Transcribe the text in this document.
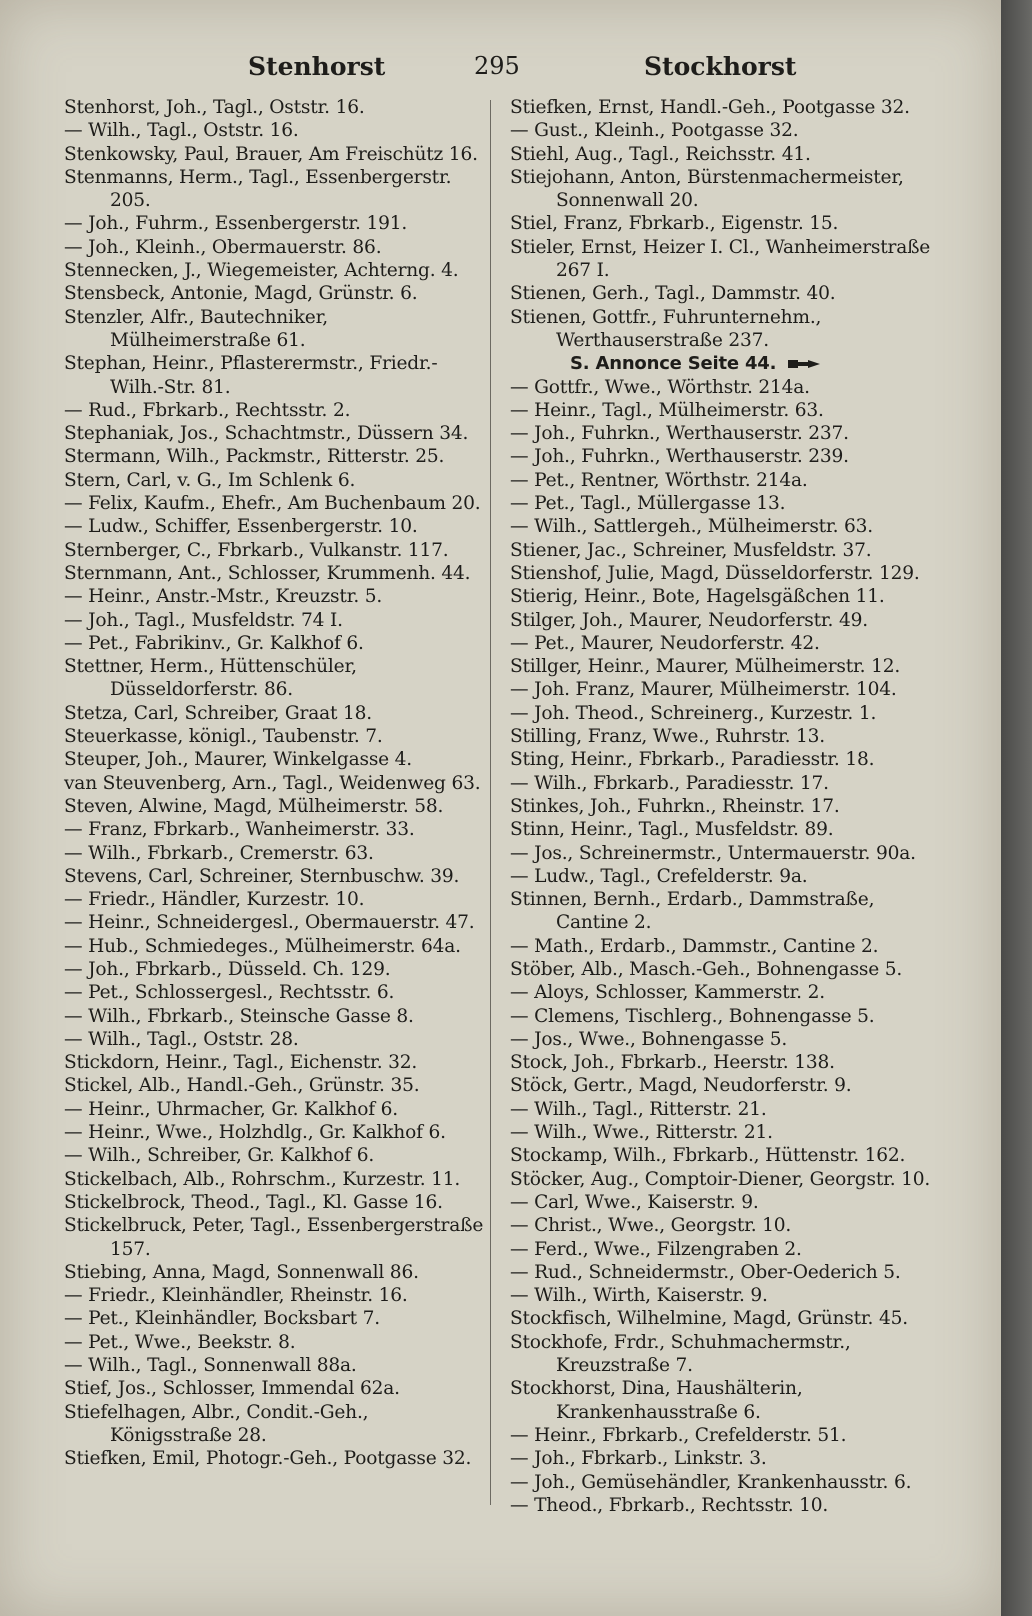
Stenhorst	295	Stockhorst
Stenhorst, Joh., Tagl., Oststr. 16.
— Wilh., Tagl., Oststr. 16.
Stenkowsky, Paul, Brauer, Am Freischütz 16.
Stenmanns, Herm., Tagl., Essenbergerstr. 205.
— Joh., Fuhrm., Essenbergerstr. 191.
— Joh., Kleinh., Obermauerstr. 86.
Stennecken, J., Wiegemeister, Achterng. 4.
Stensbeck, Antonie, Magd, Grünstr. 6.
Stenzler, Alfr., Bautechniker, Mülheimerstraße 61.
Stephan, Heinr., Pflasterermstr., Friedr.-Wilh.-Str. 81.
— Rud., Fbrkarb., Rechtsstr. 2.
Stephaniak, Jos., Schachtmstr., Düssern 34.
Stermann, Wilh., Packmstr., Ritterstr. 25.
Stern, Carl, v. G., Im Schlenk 6.
— Felix, Kaufm., Ehefr., Am Buchenbaum 20.
— Ludw., Schiffer, Essenbergerstr. 10.
Sternberger, C., Fbrkarb., Vulkanstr. 117.
Sternmann, Ant., Schlosser, Krummenh. 44.
— Heinr., Anstr.-Mstr., Kreuzstr. 5.
— Joh., Tagl., Musfeldstr. 74 I.
— Pet., Fabrikinv., Gr. Kalkhof 6.
Stettner, Herm., Hüttenschüler, Düsseldorferstr. 86.
Stetza, Carl, Schreiber, Graat 18.
Steuerkasse, königl., Taubenstr. 7.
Steuper, Joh., Maurer, Winkelgasse 4.
van Steuvenberg, Arn., Tagl., Weidenweg 63.
Steven, Alwine, Magd, Mülheimerstr. 58.
— Franz, Fbrkarb., Wanheimerstr. 33.
— Wilh., Fbrkarb., Cremerstr. 63.
Stevens, Carl, Schreiner, Sternbuschw. 39.
— Friedr., Händler, Kurzestr. 10.
— Heinr., Schneidergesl., Obermauerstr. 47.
— Hub., Schmiedeges., Mülheimerstr. 64a.
— Joh., Fbrkarb., Düsseld. Ch. 129.
— Pet., Schlossergesl., Rechtsstr. 6.
— Wilh., Fbrkarb., Steinsche Gasse 8.
— Wilh., Tagl., Oststr. 28.
Stickdorn, Heinr., Tagl., Eichenstr. 32.
Stickel, Alb., Handl.-Geh., Grünstr. 35.
— Heinr., Uhrmacher, Gr. Kalkhof 6.
— Heinr., Wwe., Holzhdlg., Gr. Kalkhof 6.
— Wilh., Schreiber, Gr. Kalkhof 6.
Stickelbach, Alb., Rohrschm., Kurzestr. 11.
Stickelbrock, Theod., Tagl., Kl. Gasse 16.
Stickelbruck, Peter, Tagl., Essenbergerstraße 157.
Stiebing, Anna, Magd, Sonnenwall 86.
— Friedr., Kleinhändler, Rheinstr. 16.
— Pet., Kleinhändler, Bocksbart 7.
— Pet., Wwe., Beekstr. 8.
— Wilh., Tagl., Sonnenwall 88a.
Stief, Jos., Schlosser, Immendal 62a.
Stiefelhagen, Albr., Condit.-Geh., Königsstraße 28.
Stiefken, Emil, Photogr.-Geh., Pootgasse 32.
Stiefken, Ernst, Handl.-Geh., Pootgasse 32.
— Gust., Kleinh., Pootgasse 32.
Stiehl, Aug., Tagl., Reichsstr. 41.
Stiejohann, Anton, Bürstenmachermeister, Sonnenwall 20.
Stiel, Franz, Fbrkarb., Eigenstr. 15.
Stieler, Ernst, Heizer I. Cl., Wanheimerstraße 267 I.
Stienen, Gerh., Tagl., Dammstr. 40.
Stienen, Gottfr., Fuhrunternehm., Werthauserstraße 237.
S. Annonce Seite 44.
— Gottfr., Wwe., Wörthstr. 214a.
— Heinr., Tagl., Mülheimerstr. 63.
— Joh., Fuhrkn., Werthauserstr. 237.
— Joh., Fuhrkn., Werthauserstr. 239.
— Pet., Rentner, Wörthstr. 214a.
— Pet., Tagl., Müllergasse 13.
— Wilh., Sattlergeh., Mülheimerstr. 63.
Stiener, Jac., Schreiner, Musfeldstr. 37.
Stienshof, Julie, Magd, Düsseldorferstr. 129.
Stierig, Heinr., Bote, Hagelsgäßchen 11.
Stilger, Joh., Maurer, Neudorferstr. 49.
— Pet., Maurer, Neudorferstr. 42.
Stillger, Heinr., Maurer, Mülheimerstr. 12.
— Joh. Franz, Maurer, Mülheimerstr. 104.
— Joh. Theod., Schreinerg., Kurzestr. 1.
Stilling, Franz, Wwe., Ruhrstr. 13.
Sting, Heinr., Fbrkarb., Paradiesstr. 18.
— Wilh., Fbrkarb., Paradiesstr. 17.
Stinkes, Joh., Fuhrkn., Rheinstr. 17.
Stinn, Heinr., Tagl., Musfeldstr. 89.
— Jos., Schreinermstr., Untermauerstr. 90a.
— Ludw., Tagl., Crefelderstr. 9a.
Stinnen, Bernh., Erdarb., Dammstraße, Cantine 2.
— Math., Erdarb., Dammstr., Cantine 2.
Stöber, Alb., Masch.-Geh., Bohnengasse 5.
— Aloys, Schlosser, Kammerstr. 2.
— Clemens, Tischlerg., Bohnengasse 5.
— Jos., Wwe., Bohnengasse 5.
Stock, Joh., Fbrkarb., Heerstr. 138.
Stöck, Gertr., Magd, Neudorferstr. 9.
— Wilh., Tagl., Ritterstr. 21.
— Wilh., Wwe., Ritterstr. 21.
Stockamp, Wilh., Fbrkarb., Hüttenstr. 162.
Stöcker, Aug., Comptoir-Diener, Georgstr. 10.
— Carl, Wwe., Kaiserstr. 9.
— Christ., Wwe., Georgstr. 10.
— Ferd., Wwe., Filzengraben 2.
— Rud., Schneidermstr., Ober-Oederich 5.
— Wilh., Wirth, Kaiserstr. 9.
Stockfisch, Wilhelmine, Magd, Grünstr. 45.
Stockhofe, Frdr., Schuhmachermstr., Kreuzstraße 7.
Stockhorst, Dina, Haushälterin, Krankenhausstraße 6.
— Heinr., Fbrkarb., Crefelderstr. 51.
— Joh., Fbrkarb., Linkstr. 3.
— Joh., Gemüsehändler, Krankenhausstr. 6.
— Theod., Fbrkarb., Rechtsstr. 10.
